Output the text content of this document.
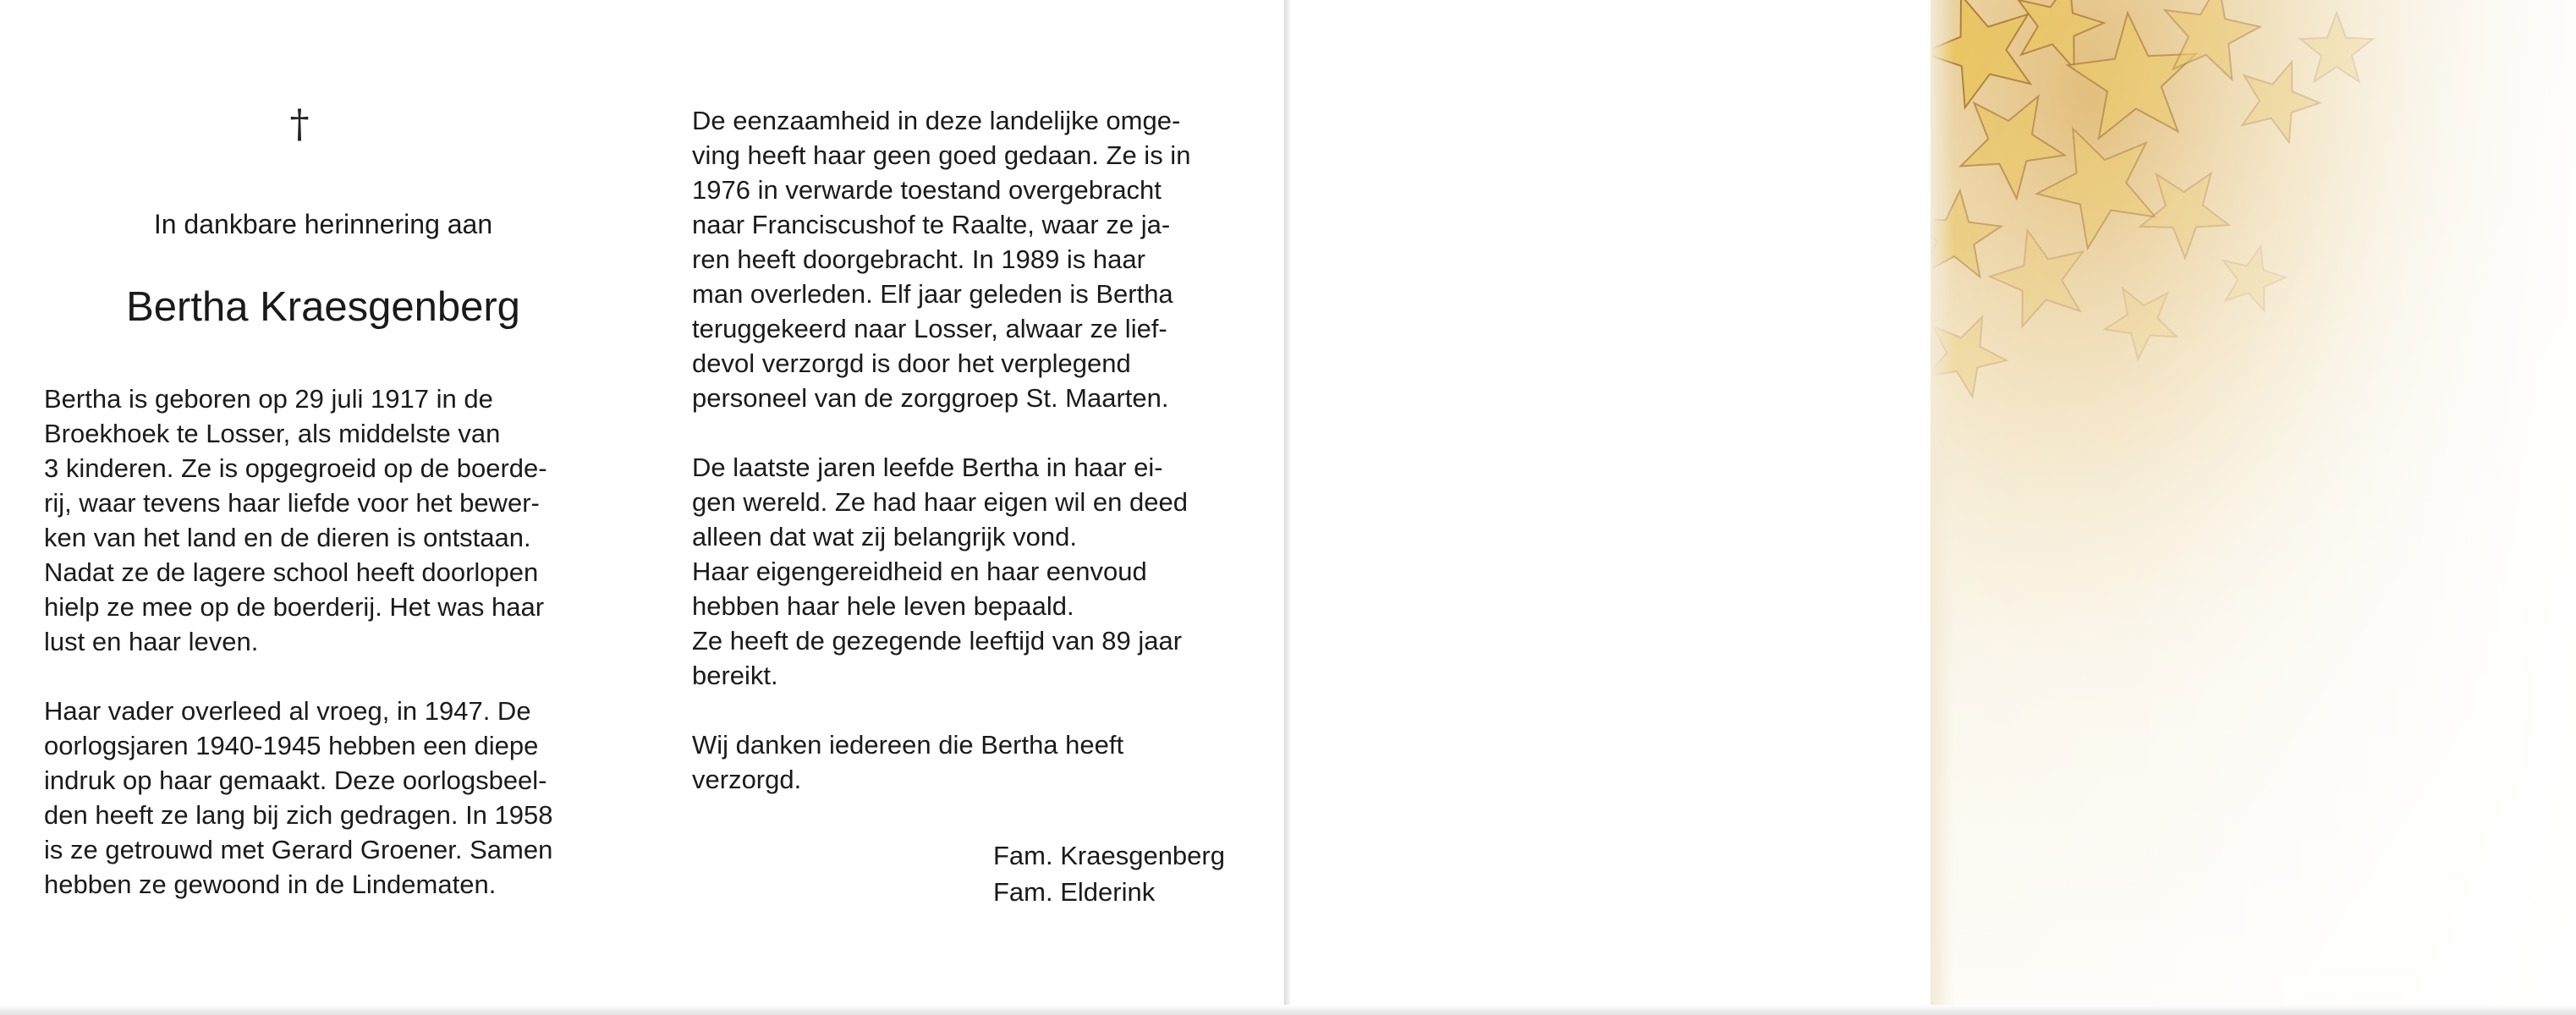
†
In dankbare herinnering aan
Bertha Kraesgenberg

Bertha is geboren op 29 juli 1917 in de
Broekhoek te Losser, als middelste van
3 kinderen. Ze is opgegroeid op de boerde-
rij, waar tevens haar liefde voor het bewer-
ken van het land en de dieren is ontstaan.
Nadat ze de lagere school heeft doorlopen
hielp ze mee op de boerderij. Het was haar
lust en haar leven.

Haar vader overleed al vroeg, in 1947. De
oorlogsjaren 1940-1945 hebben een diepe
indruk op haar gemaakt. Deze oorlogsbeel-
den heeft ze lang bij zich gedragen. In 1958
is ze getrouwd met Gerard Groener. Samen
hebben ze gewoond in de Lindematen.

De eenzaamheid in deze landelijke omge-
ving heeft haar geen goed gedaan. Ze is in
1976 in verwarde toestand overgebracht
naar Franciscushof te Raalte, waar ze ja-
ren heeft doorgebracht. In 1989 is haar
man overleden. Elf jaar geleden is Bertha
teruggekeerd naar Losser, alwaar ze lief-
devol verzorgd is door het verplegend
personeel van de zorggroep St. Maarten.

De laatste jaren leefde Bertha in haar ei-
gen wereld. Ze had haar eigen wil en deed
alleen dat wat zij belangrijk vond.
Haar eigengereidheid en haar eenvoud
hebben haar hele leven bepaald.
Ze heeft de gezegende leeftijd van 89 jaar
bereikt.

Wij danken iedereen die Bertha heeft
verzorgd.

Fam. Kraesgenberg
Fam. Elderink
